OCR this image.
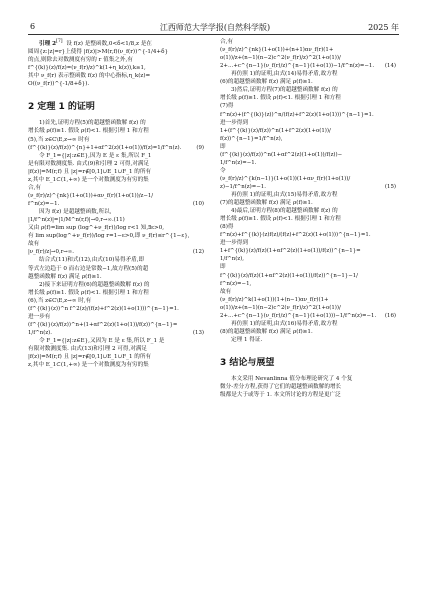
6	江西师范大学学报(自然科学版)	2025 年

引理 2[7] 设 f(z) 是整函数,0<δ<1/8,z 是在

圆周{z:|z|=r}上使得 |f(z)|>M(r,f)(ν_f(r))^{-1/4+δ}

的点,则除去对数测度有穷的 r 值集之外,有

f^{(k)}(z)/f(z)=(ν_f(r)/z)^k(1+η_k(z)),k≥1,

其中 ν_f(r) 表示整函数 f(z) 的中心指标,η_k(z)=

O((ν_f(r))^{-1/8+δ}).

2 定理 1 的证明

1)首先,证明方程(5)的超越整函数解 f(z) 的

增长级 ρ(f)≥1. 假设 ρ(f)<1. 根据引理 1 和方程

(5),当 z∈C\E,z→∞ 时有

(f^{(k)}(z)/f(z))^{n}+1+αf^2(z)(1+o(1))/f(z)=1/f^n(z).	(9)

令 F_1={|z|:z∈E},因为 E 是 ε 集,所以 F_1

是有限对数测度集. 由式(9)和引理 2 可得,对满足

|f(z)|=M(r,f) 且 |z|=r∉[0,1]∪E_1∪F_1 的所有

z,其中 E_1⊂(1,+∞) 是一个对数测度为有穷的集

合,有

(ν_f(r)/z)^{nk}(1+o(1))+αν_f(r)(1+o(1))/z−1/
f^n(z)=−1.	(10)

因为 f(z) 是超越整函数,所以,

|1/f^n(z)|=|1/M^n(r,f)|→0,r→∞.(11)

又由 ρ(f)=lim sup (log^+ν_f(r))/log r<1 知,∃ε>0,

有 lim sup(log^+ν_f(r))/log r=1−ε>0,即 ν_f(r)≤r^{1−ε},

故有

|ν_f(r)/z|→0,r→∞.	(12)

结合式(11)和式(12),由式(10)易得矛盾,即

等式左边趋于 0 而右边是常数−1,故方程(5)的超

越整函数解 f(z) 满足 ρ(f)≥1.

2)接下来证明方程(6)的超越整函数解 f(z) 的

增长级 ρ(f)≥1. 假设 ρ(f)<1. 根据引理 1 和方程

(6),当 z∈C\E,z→∞ 时,有

(f^{(k)}(z))^n f^2(z)/(f(z)+f^2(z)(1+o(1)))^{n−1}=1.

进一步有

(f^{(k)}(z)/f(z))^n+(1+αf^2(z)(1+o(1))/f(z))^{n−1}=

1/f^n(z).	(13)

令 F_1={|z|:z∈E},又因为 E 是 ε 集,所以 F_1 是

有限对数测度集. 由式(13)和引理 2 可得,对满足

|f(z)|=M(r,f) 且 |z|=r∉[0,1]∪E_1∪F_1 的所有

z,其中 E_1⊂(1,+∞) 是一个对数测度为有穷的集

合,有

(ν_f(r)/z)^{nk}(1+o(1))+(n+1)αν_f(r)(1+

o(1))/z+(n−1)(n−2)c^2(ν_f(r)/z)^2(1+o(1))/

2+…+c^{n−1}(ν_f(r)/z)^{n−1}(1+o(1))−1/f^n(z)=−1. (14)

再仿照 1)的证明,由式(14)易得矛盾,故方程

(6)的超越整函数解 f(z) 满足 ρ(f)≥1.

3)然后,证明方程(7)的超越整函数解 f(z) 的

增长级 ρ(f)≥1. 假设 ρ(f)<1. 根据引理 1 和方程

(7)得

f^n(z)+(f^{(k)}(z))^n/(f(z)+f^2(z)(1+o(1)))^{n−1}=1.

进一步得到

1+(f^{(k)}(z)/f(z))^n(1+f^2(z)(1+o(1))/

f(z))^{n−1}=1/f^n(z),

即

(f^{(k)}(z)/f(z))^n(1+αf^2(z)(1+o(1))/f(z))−

1/f^n(z)=−1.

令

(ν_f(r)/z)^{k(n−1)}(1+o(1))(1+αν_f(r)(1+o(1))/

z)−1/f^n(z)=−1.	(15)

再仿照 1)的证明,由式(15)易得矛盾,故方程

(7)的超越整函数解 f(z) 满足 ρ(f)≥1.

4)最后,证明方程(8)的超越整函数解 f(z) 的

增长级 ρ(f)≥1. 假设 ρ(f)<1. 根据引理 1 和方程

(8)得

f^n(z)+f^{(k)}(z)f(z)/(f(z)+f^2(z)(1+o(1)))^{n−1}=1.

进一步得到

1+f^{(k)}(z)/f(z)(1+αf^2(z)(1+o(1))/f(z))^{n−1}=

1/f^n(z),

即

f^{(k)}(z)/f(z)(1+αf^2(z)(1+o(1))/f(z))^{n−1}−1/

f^n(z)=−1,

故有

(ν_f(r)/z)^k(1+o(1))(1+(n−1)αν_f(r)(1+

o(1))/z+(n−1)(n−2)c^2(ν_f(r)/z)^2(1+o(1))/

2+…+c^{n−1}(ν_f(r)/z)^{n−1}(1+o(1)))−1/f^n(z)=−1. (16)

再仿照 1)的证明,由式(16)易得矛盾,故方程

(8)的超越整函数解 f(z) 满足 ρ(f)≥1.

定理 1 得证.

3 结论与展望

本文采用 Nevanlinna 值分布理论研究了 4 个复

微分-差分方程,获得了它们的超越整函数解的增长

级都是大于或等于 1. 本文所讨论的方程是更广泛
